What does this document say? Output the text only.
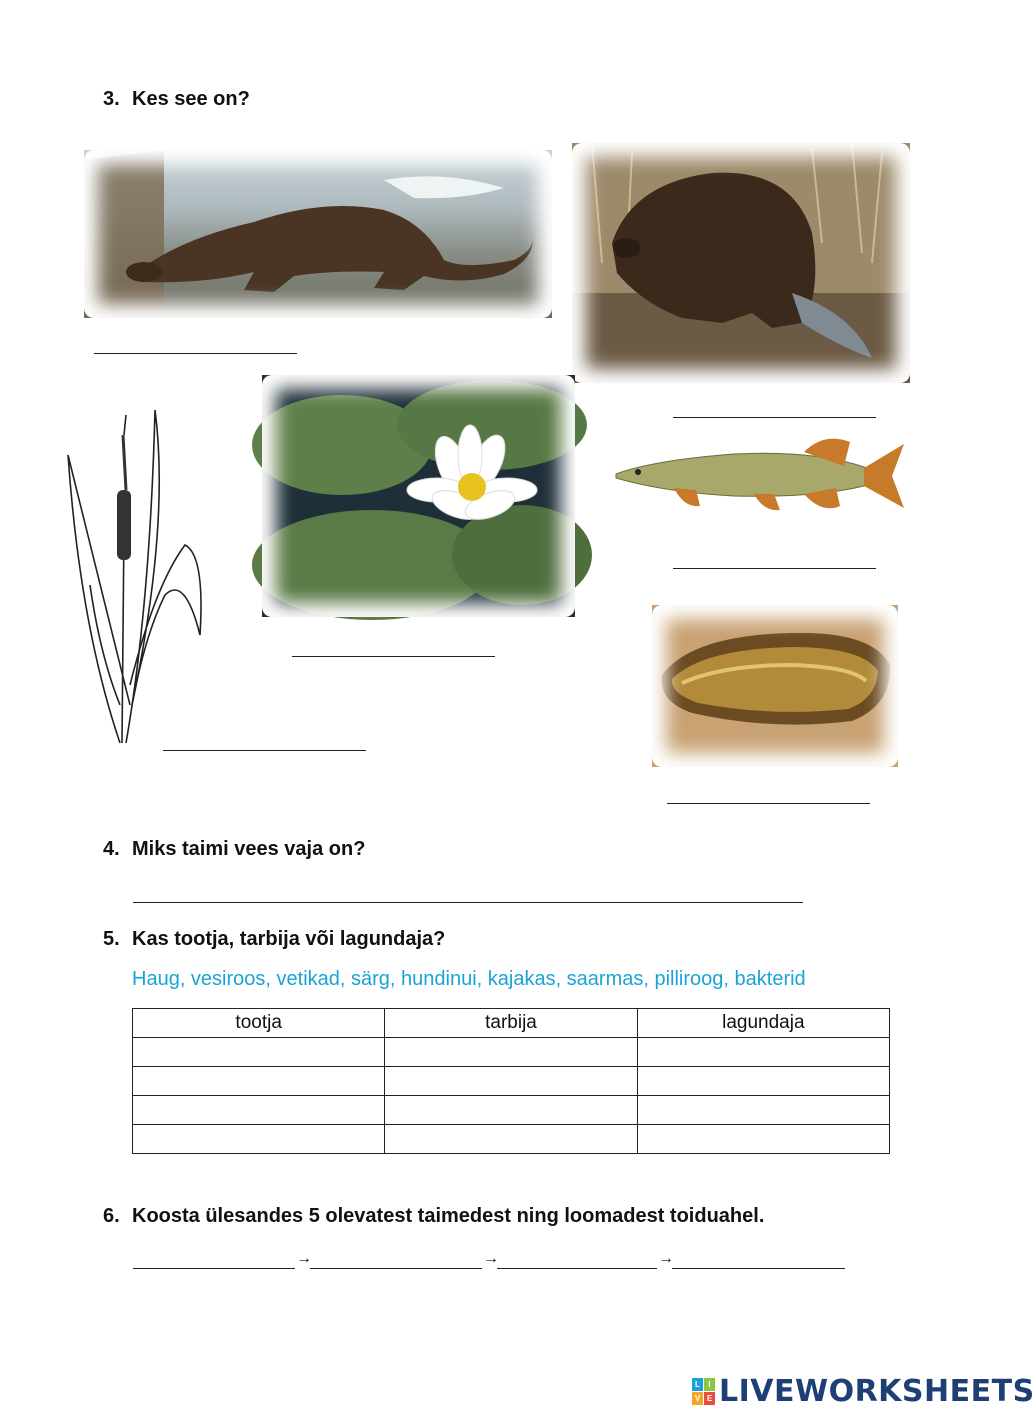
3. Kes see on?
4. Miks taimi vees vaja on?
5. Kas tootja, tarbija või lagundaja?
Haug, vesiroos, vetikad, särg, hundinui, kajakas, saarmas, pilliroog, bakterid
tootja	tarbija	lagundaja

6. Koosta ülesandes 5 olevatest taimedest ning loomadest toiduahel.
→	→	→
L	I
V E LIVEWORKSHEETS
